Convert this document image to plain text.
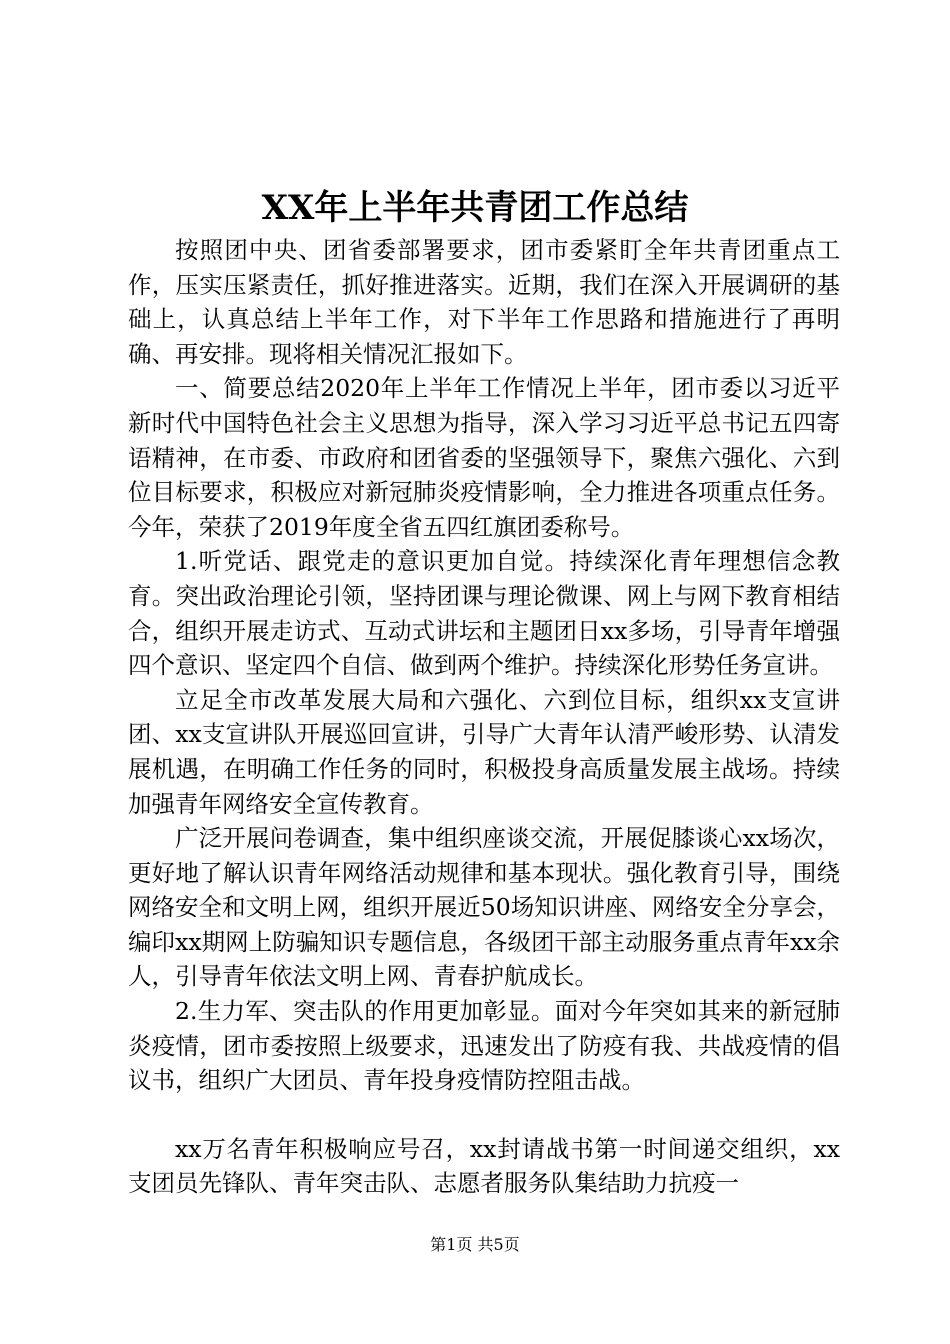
XX年上半年共青团工作总结

按照团中央、团省委部署要求，团市委紧盯全年共青团重点工作，压实压紧责任，抓好推进落实。近期，我们在深入开展调研的基础上，认真总结上半年工作，对下半年工作思路和措施进行了再明确、再安排。现将相关情况汇报如下。

一、简要总结2020年上半年工作情况上半年，团市委以习近平新时代中国特色社会主义思想为指导，深入学习习近平总书记五四寄语精神，在市委、市政府和团省委的坚强领导下，聚焦六强化、六到位目标要求，积极应对新冠肺炎疫情影响，全力推进各项重点任务。今年，荣获了2019年度全省五四红旗团委称号。

1.听党话、跟党走的意识更加自觉。持续深化青年理想信念教育。突出政治理论引领，坚持团课与理论微课、网上与网下教育相结合，组织开展走访式、互动式讲坛和主题团日xx多场，引导青年增强四个意识、坚定四个自信、做到两个维护。持续深化形势任务宣讲。

立足全市改革发展大局和六强化、六到位目标，组织xx支宣讲团、xx支宣讲队开展巡回宣讲，引导广大青年认清严峻形势、认清发展机遇，在明确工作任务的同时，积极投身高质量发展主战场。持续加强青年网络安全宣传教育。

广泛开展问卷调查，集中组织座谈交流，开展促膝谈心xx场次，更好地了解认识青年网络活动规律和基本现状。强化教育引导，围绕网络安全和文明上网，组织开展近50场知识讲座、网络安全分享会，编印xx期网上防骗知识专题信息，各级团干部主动服务重点青年xx余人，引导青年依法文明上网、青春护航成长。

2.生力军、突击队的作用更加彰显。面对今年突如其来的新冠肺炎疫情，团市委按照上级要求，迅速发出了防疫有我、共战疫情的倡议书，组织广大团员、青年投身疫情防控阻击战。

xx万名青年积极响应号召，xx封请战书第一时间递交组织，xx支团员先锋队、青年突击队、志愿者服务队集结助力抗疫一

第1页 共5页
